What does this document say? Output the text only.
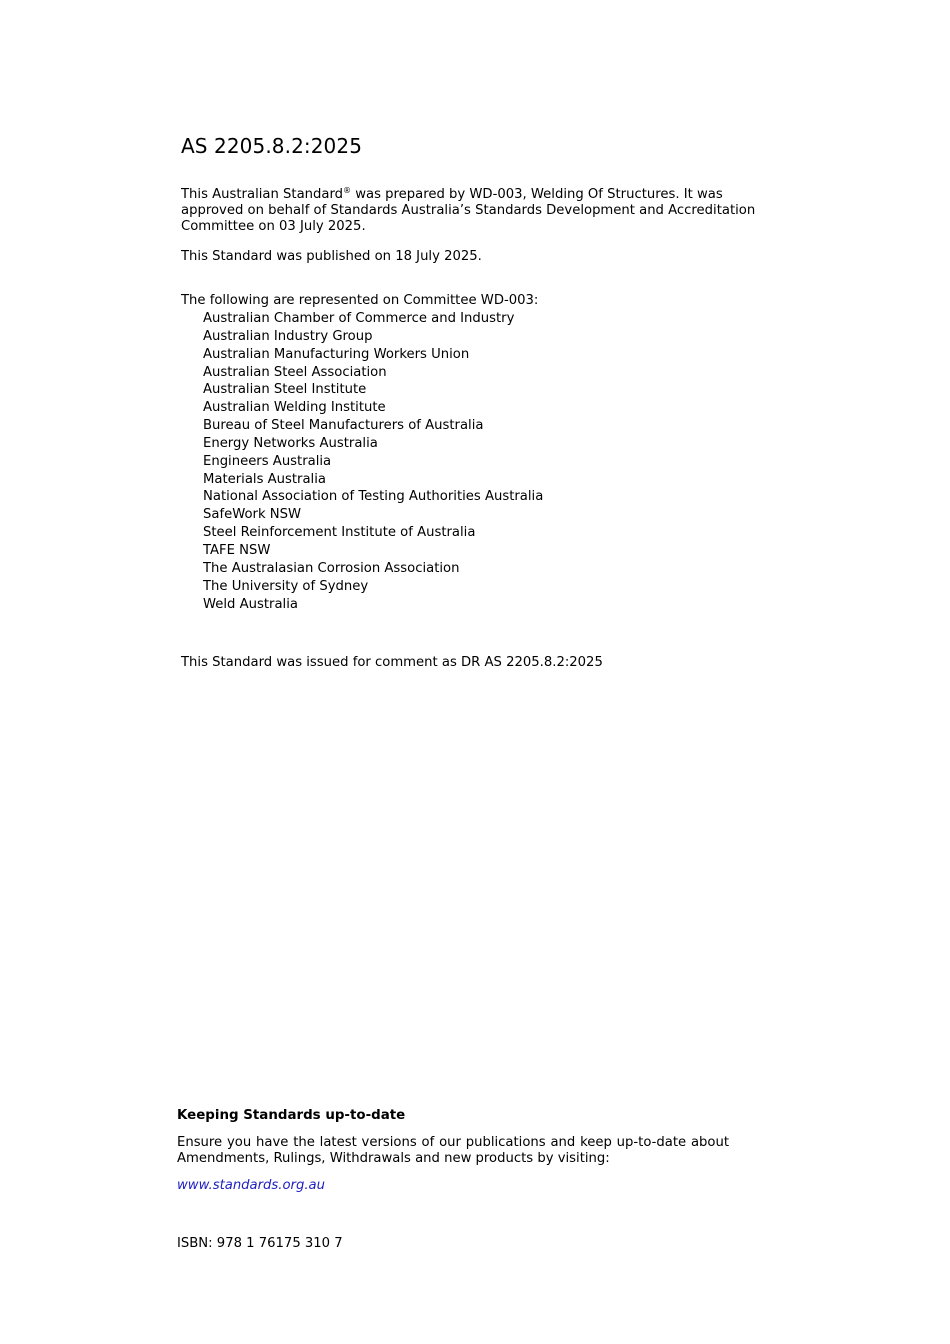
AS 2205.8.2:2025

This Australian Standard® was prepared by WD-003, Welding Of Structures. It was approved on behalf of Standards Australia’s Standards Development and Accreditation Committee on 03 July 2025.

This Standard was published on 18 July 2025.

The following are represented on Committee WD-003:

Australian Chamber of Commerce and Industry
Australian Industry Group
Australian Manufacturing Workers Union
Australian Steel Association
Australian Steel Institute
Australian Welding Institute
Bureau of Steel Manufacturers of Australia
Energy Networks Australia
Engineers Australia
Materials Australia
National Association of Testing Authorities Australia
SafeWork NSW
Steel Reinforcement Institute of Australia
TAFE NSW
The Australasian Corrosion Association
The University of Sydney
Weld Australia

This Standard was issued for comment as DR AS 2205.8.2:2025

Keeping Standards up-to-date

Ensure you have the latest versions of our publications and keep up-to-date about Amendments, Rulings, Withdrawals and new products by visiting:

www.standards.org.au

ISBN: 978 1 76175 310 7
